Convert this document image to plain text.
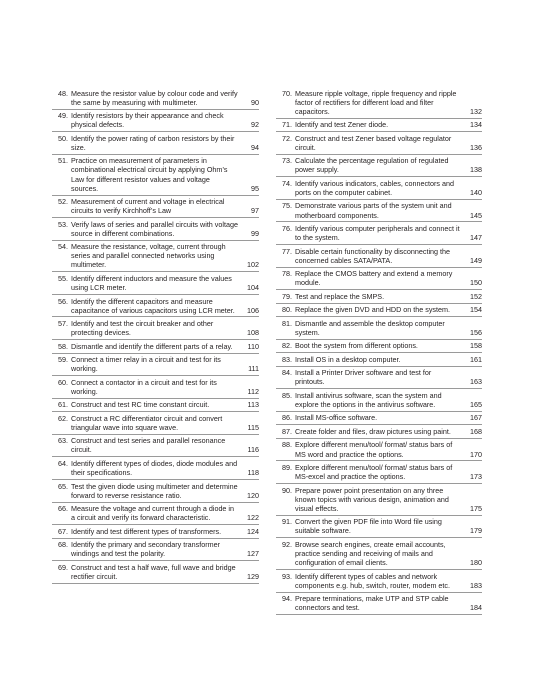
48. Measure the resistor value by colour code and verify the same by measuring with multimeter.	90
49. Identify resistors by their appearance and check physical defects.	92
50. Identify the power rating of carbon resistors by their size.	94
51. Practice on measurement of parameters in combinational electrical circuit by applying Ohm’s Law for different resistor values and voltage sources.	95
52. Measurement of current and voltage in electrical circuits to verify Kirchhoff’s Law	97
53. Verify laws of series and parallel circuits with voltage source in different combinations.	99
54. Measure the resistance, voltage, current through series and parallel connected networks using multimeter.	102
55. Identify different inductors and measure the values using LCR meter.	104
56. Identify the different capacitors and measure capacitance of various capacitors using LCR meter.	106
57. Identify and test the circuit breaker and other protecting devices.	108
58. Dismantle and identify the different parts of a relay.	110
59. Connect a timer relay in a circuit and test for its working.	111
60. Connect a contactor in a circuit and test for its working.	112
61. Construct and test RC time constant circuit.	113
62. Construct a RC differentiator circuit and convert triangular wave into square wave.	115
63. Construct and test series and parallel resonance circuit.	116
64. Identify different types of diodes, diode modules and their specifications.	118
65. Test the given diode using multimeter and determine forward to reverse resistance ratio.	120
66. Measure the voltage and current through a diode in a circuit and verify its forward characteristic.	122
67. Identify and test different types of transformers.	124
68. Identify the primary and secondary transformer windings and test the polarity.	127
69. Construct and test a half wave, full wave and bridge rectifier circuit.	129
70. Measure ripple voltage, ripple frequency and ripple factor of rectifiers for different load and filter capacitors.	132
71. Identify and test Zener diode.	134
72. Construct and test Zener based voltage regulator circuit.	136
73. Calculate the percentage regulation of regulated power supply.	138
74. Identify various indicators, cables, connectors and ports on the computer cabinet.	140
75. Demonstrate various parts of the system unit and motherboard components.	145
76. Identify various computer peripherals and connect it to the system.	147
77. Disable certain functionality by disconnecting the concerned cables SATA/PATA.	149
78. Replace the CMOS battery and extend a memory module.	150
79. Test and replace the SMPS.	152
80. Replace the given DVD and HDD on the system.	154
81. Dismantle and assemble the desktop computer system.	156
82. Boot the system from different options.	158
83. Install OS in a desktop computer.	161
84. Install a Printer Driver software and test for printouts.	163
85. Install antivirus software, scan the system and explore the options in the antivirus software.	165
86. Install MS-office software.	167
87. Create folder and files, draw pictures using paint.	168
88. Explore different menu/tool/ format/ status bars of MS word and practice the options.	170
89. Explore different menu/tool/ format/ status bars of MS-excel and practice the options.	173
90. Prepare power point presentation on any three known topics with various design, animation and visual effects.	175
91. Convert the given PDF file into Word file using suitable software.	179
92. Browse search engines, create email accounts, practice sending and receiving of mails and configuration of email clients.	180
93. Identify different types of cables and network components e.g. hub, switch, router, modem etc.	183
94. Prepare terminations, make UTP and STP cable connectors and test.	184
